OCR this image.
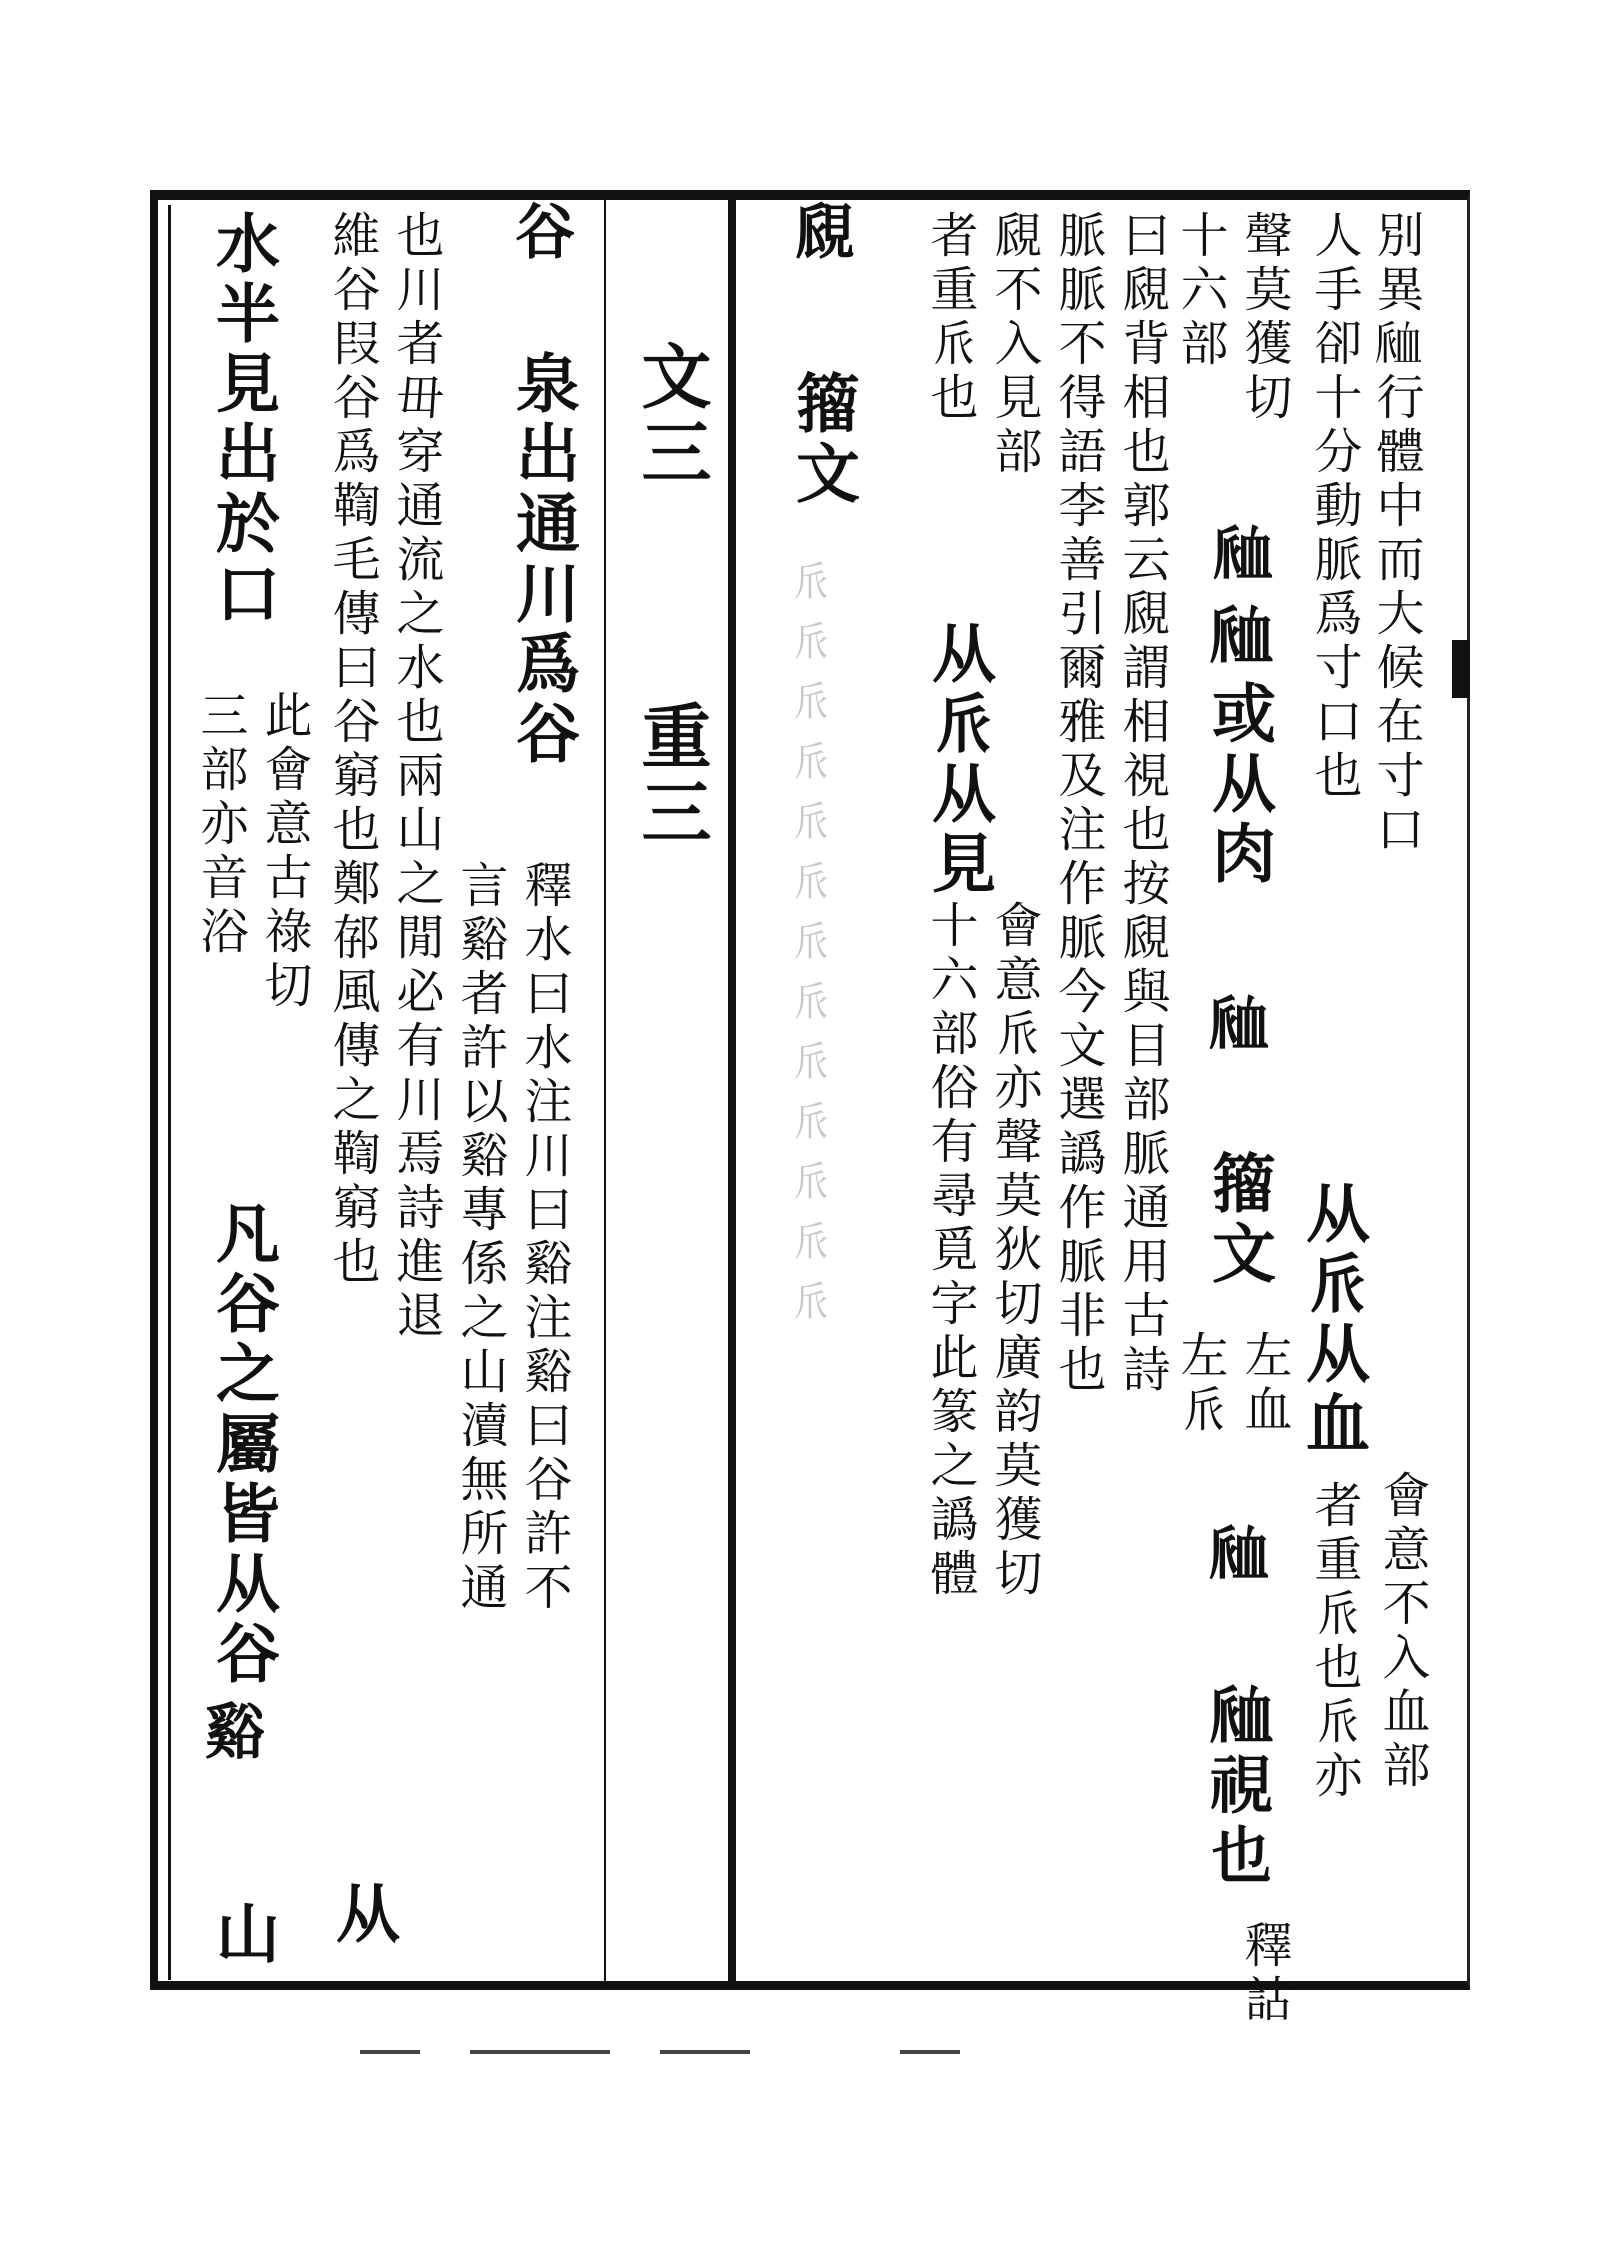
別異𧖴行體中而大候在寸口
从𠂢从血
會意不入血部
人手卻十分動脈爲寸口也
者重𠂢也𠂢亦
聲莫獲切
十六部
𧖴
𧖴
或从肉
𧖴
籀文
左血
左𠂢
𧖴
𧖴視也
釋詁
曰覛背相也郭云覛謂相視也按覛與目部脈通用古詩
脈脈不得語李善引爾雅及注作脈今文選譌作脈非也
覛不入見部
者重𠂢也
从𠂢从見
會意𠂢亦聲莫狄切廣韵莫獲切
十六部俗有尋覓字此篆之譌體
覛
籀文
𠂢𠂢𠂢𠂢𠂢𠂢𠂢𠂢𠂢𠂢𠂢𠂢𠂢
文三
重三
谷
泉出通川爲谷
釋水曰水注川曰谿注谿曰谷許不
言谿者許以谿專係之山瀆無所通
也川者毌穿通流之水也兩山之閒必有川焉詩進退
从
維谷叚谷爲鞫毛傳曰谷窮也鄭𨚲風傳之鞫窮也
水半見出於口
此會意古祿切
三部亦音浴
凡谷之屬皆从谷
谿
山
